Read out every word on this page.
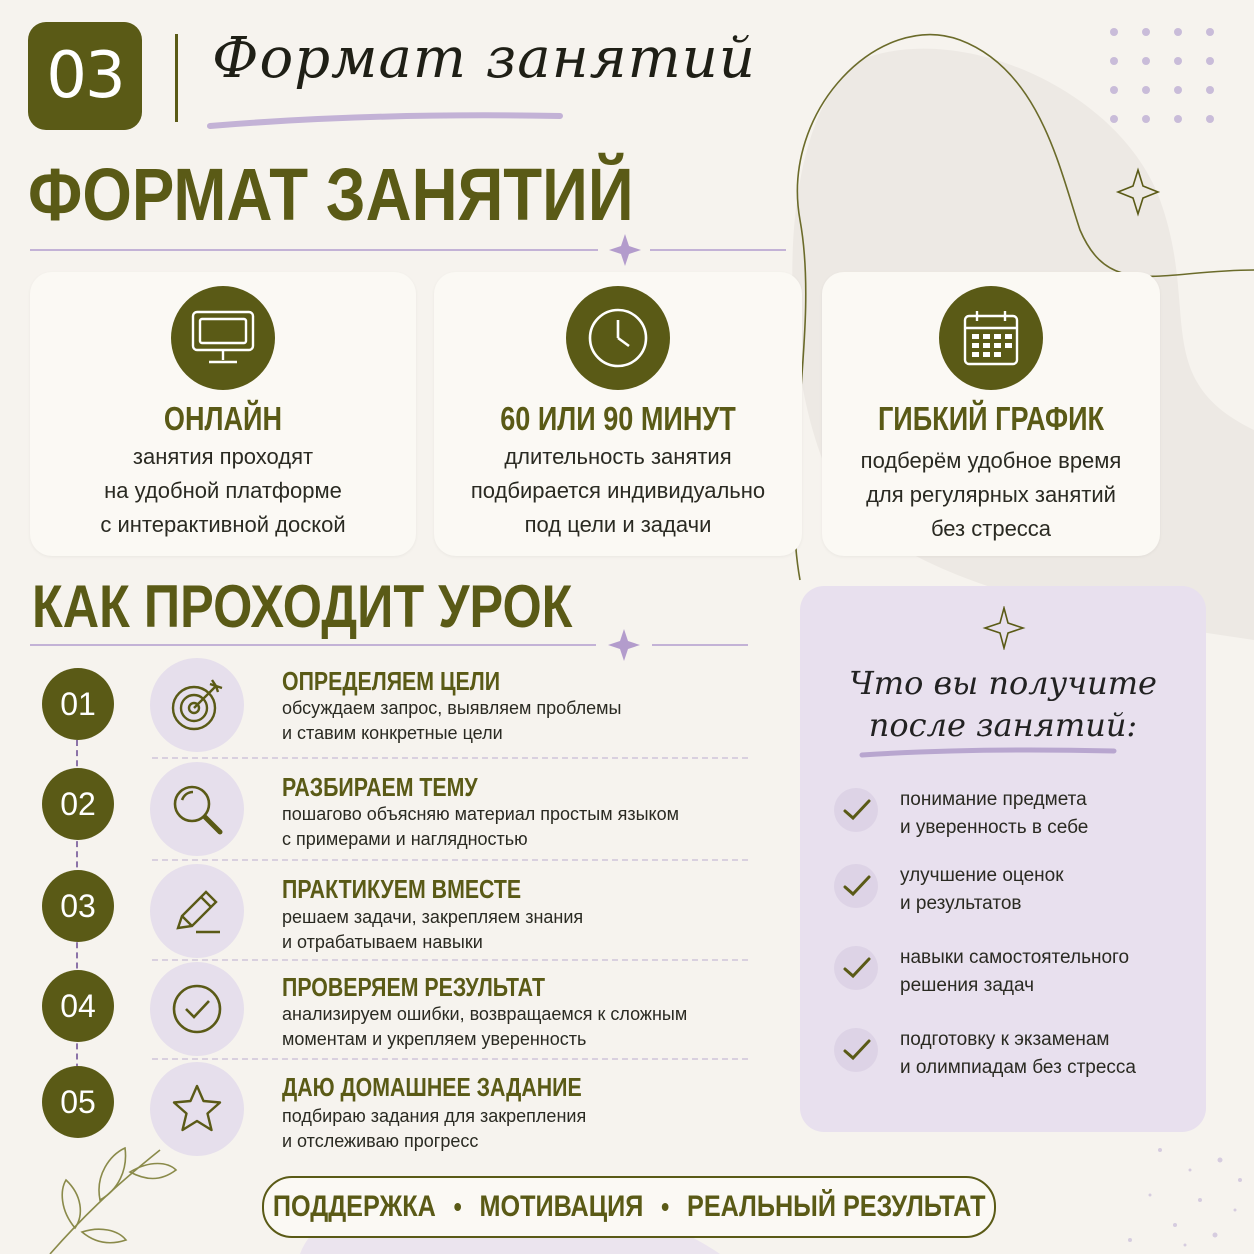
03	Формат занятий
ФОРМАТ ЗАНЯТИЙ
ОНЛАЙН
занятия проходят
на удобной платформе
с интерактивной доской
60 ИЛИ 90 МИНУТ
длительность занятия
подбирается индивидуально
под цели и задачи
ГИБКИЙ ГРАФИК
подберём удобное время
для регулярных занятий
без стресса
КАК ПРОХОДИТ УРОК
01
ОПРЕДЕЛЯЕМ ЦЕЛИ
обсуждаем запрос, выявляем проблемы
и ставим конкретные цели
02	РАЗБИРАЕМ ТЕМУ
пошагово объясняю материал простым языком
с примерами и наглядностью
03	ПРАКТИКУЕМ ВМЕСТЕ
решаем задачи, закрепляем знания
и отрабатываем навыки
04
ПРОВЕРЯЕМ РЕЗУЛЬТАТ
анализируем ошибки, возвращаемся к сложным
моментам и укрепляем уверенность
05	ДАЮ ДОМАШНЕЕ ЗАДАНИЕ
подбираю задания для закрепления
и отслеживаю прогресс
Что вы получите
после занятий:
понимание предмета
и уверенность в себе
улучшение оценок
и результатов
навыки самостоятельного
решения задач
подготовку к экзаменам
и олимпиадам без стресса
ПОДДЕРЖКА МОТИВАЦИЯ РЕАЛЬНЫЙ РЕЗУЛЬТАТ
